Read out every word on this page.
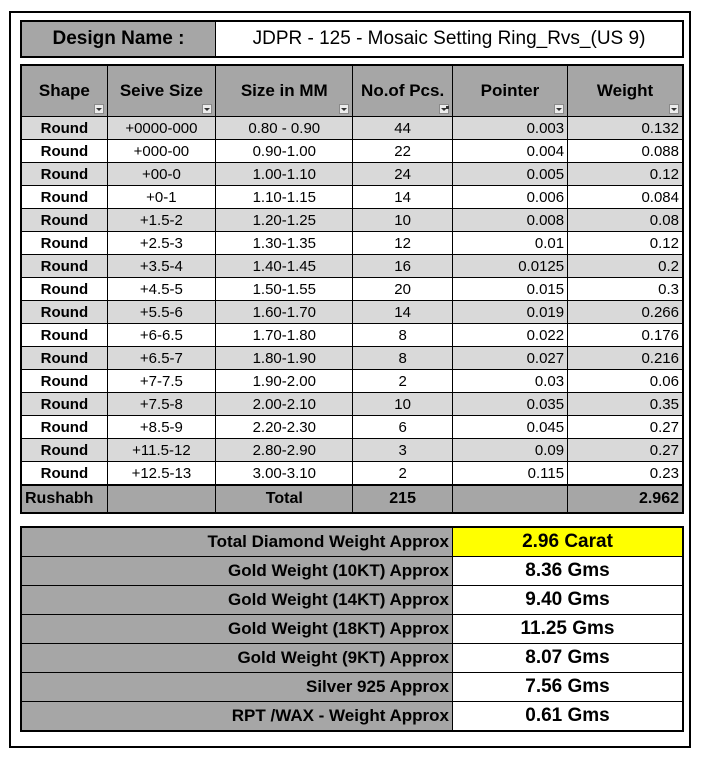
Design Name :	JDPR - 125 - Mosaic Setting Ring_Rvs_(US 9)
Shape	Seive Size	Size in MM	No.of Pcs.	Pointer	Weight

Round	+0000-000	0.80 - 0.90	44	0.003	0.132
Round	+000-00	0.90-1.00	22	0.004	0.088
Round	+00-0	1.00-1.10	24	0.005	0.12
Round	+0-1	1.10-1.15	14	0.006	0.084
Round	+1.5-2	1.20-1.25	10	0.008	0.08
Round	+2.5-3	1.30-1.35	12	0.01	0.12
Round	+3.5-4	1.40-1.45	16	0.0125	0.2
Round	+4.5-5	1.50-1.55	20	0.015	0.3
Round	+5.5-6	1.60-1.70	14	0.019	0.266
Round	+6-6.5	1.70-1.80	8	0.022	0.176
Round	+6.5-7	1.80-1.90	8	0.027	0.216
Round	+7-7.5	1.90-2.00	2	0.03	0.06
Round	+7.5-8	2.00-2.10	10	0.035	0.35
Round	+8.5-9	2.20-2.30	6	0.045	0.27
Round	+11.5-12	2.80-2.90	3	0.09	0.27
Round	+12.5-13	3.00-3.10	2	0.115	0.23
Rushabh		Total	215		2.962
Total Diamond Weight Approx	2.96 Carat
Gold Weight (10KT) Approx	8.36 Gms
Gold Weight (14KT) Approx	9.40 Gms
Gold Weight (18KT) Approx	11.25 Gms
Gold Weight (9KT) Approx	8.07 Gms
Silver 925 Approx	7.56 Gms
RPT /WAX - Weight Approx	0.61 Gms
